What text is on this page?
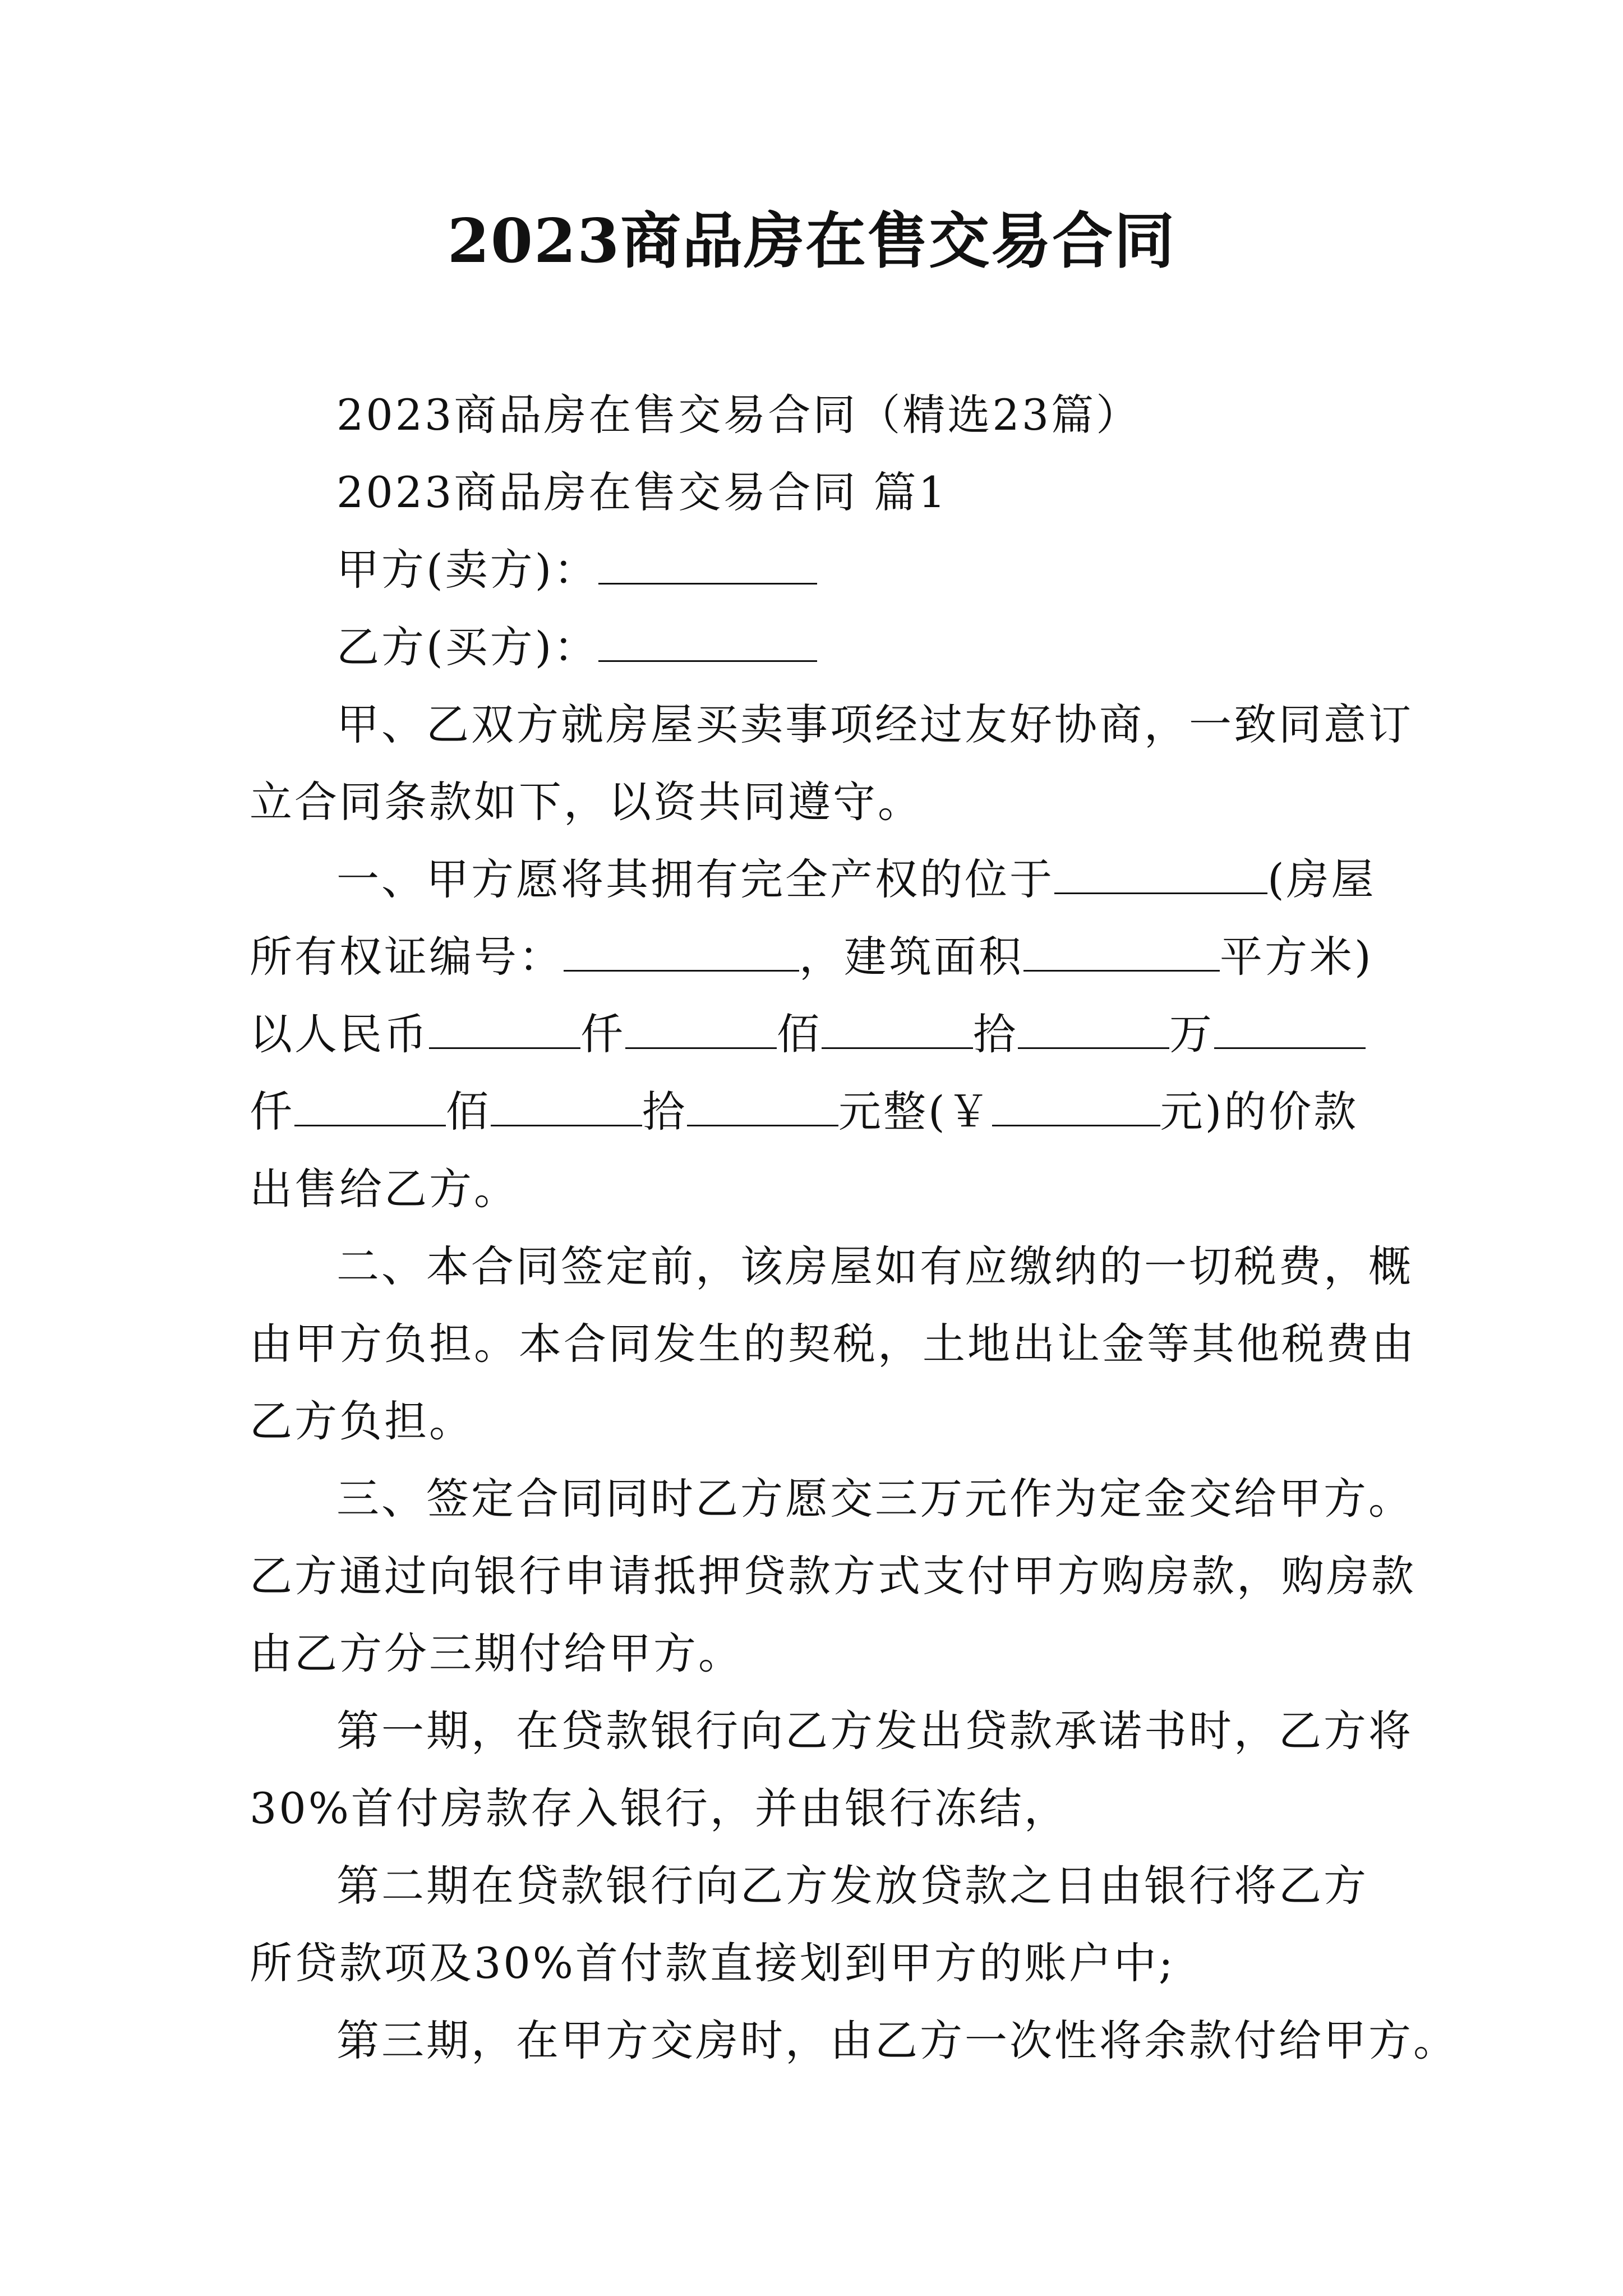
2023商品房在售交易合同
2023商品房在售交易合同（精选23篇）
2023商品房在售交易合同 篇1
甲方(卖方)：
乙方(买方)：
甲、乙双方就房屋买卖事项经过友好协商，一致同意订
立合同条款如下，以资共同遵守。
一、甲方愿将其拥有完全产权的位于	(房屋
所有权证编号：	，建筑面积	平方米)
以人民币	仟	佰	拾	万
仟	佰	拾	元整(￥	元)的价款
出售给乙方。
二、本合同签定前，该房屋如有应缴纳的一切税费，概
由甲方负担。本合同发生的契税，土地出让金等其他税费由
乙方负担。
三、签定合同同时乙方愿交三万元作为定金交给甲方。
乙方通过向银行申请抵押贷款方式支付甲方购房款，购房款
由乙方分三期付给甲方。
第一期，在贷款银行向乙方发出贷款承诺书时，乙方将
30%首付房款存入银行，并由银行冻结，
第二期在贷款银行向乙方发放贷款之日由银行将乙方
所贷款项及30%首付款直接划到甲方的账户中;
第三期，在甲方交房时，由乙方一次性将余款付给甲方。
